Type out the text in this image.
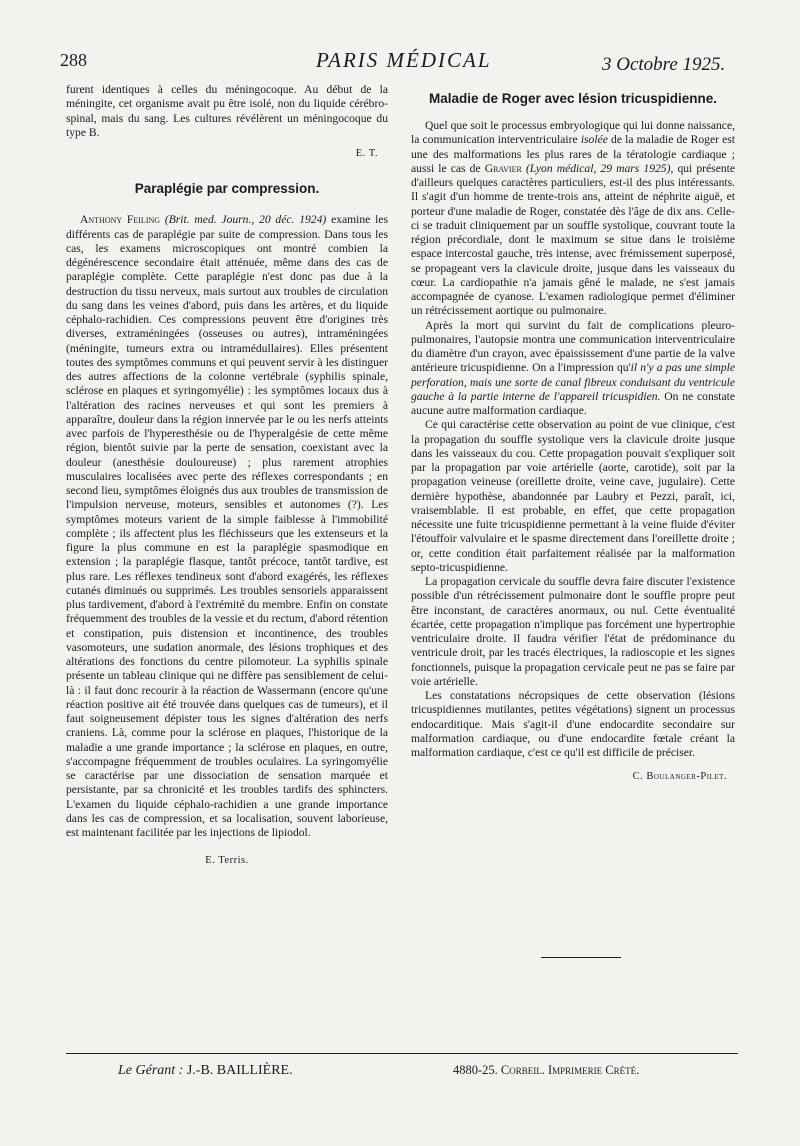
288	PARIS MÉDICAL	3 Octobre 1925.

furent identiques à celles du méningocoque. Au début de la méningite, cet organisme avait pu être isolé, non du liquide cérébro-spinal, mais du sang. Les cultures révélèrent un méningocoque du type B.

E. T.
Paraplégie par compression.

Anthony Feiling (Brit. med. Journ., 20 déc. 1924) examine les différents cas de paraplégie par suite de compression. Dans tous les cas, les examens microscopiques ont montré combien la dégénérescence secondaire était atténuée, même dans des cas de paraplégie complète. Cette paraplégie n'est donc pas due à la destruction du tissu nerveux, mais surtout aux troubles de circulation du sang dans les veines d'abord, puis dans les artères, et du liquide céphalo-rachidien. Ces compressions peuvent être d'origines très diverses, extraméningées (osseuses ou autres), intraméningées (méningite, tumeurs extra ou intramédullaires). Elles présentent toutes des symptômes communs et qui peuvent servir à les distinguer des autres affections de la colonne vertébrale (syphilis spinale, sclérose en plaques et syringomyélie) : les symptômes locaux dus à l'altération des racines nerveuses et qui sont les premiers à apparaître, douleur dans la région innervée par le ou les nerfs atteints avec parfois de l'hyperesthésie ou de l'hyperalgésie de cette même région, bientôt suivie par la perte de sensation, coexistant avec la douleur (anesthésie douloureuse) ; plus rarement atrophies musculaires localisées avec perte des réflexes correspondants ; en second lieu, symptômes éloignés dus aux troubles de transmission de l'impulsion nerveuse, moteurs, sensibles et autonomes (?). Les symptômes moteurs varient de la simple faiblesse à l'immobilité complète ; ils affectent plus les fléchisseurs que les extenseurs et la figure la plus commune en est la paraplégie spasmodique en extension ; la paraplégie flasque, tantôt précoce, tantôt tardive, est plus rare. Les réflexes tendineux sont d'abord exagérés, les réflexes cutanés diminués ou supprimés. Les troubles sensoriels apparaissent plus tardivement, d'abord à l'extrémité du membre. Enfin on constate fréquemment des troubles de la vessie et du rectum, d'abord rétention et constipation, puis distension et incontinence, des troubles vasomoteurs, une sudation anormale, des lésions trophiques et des altérations des fonctions du centre pilomoteur. La syphilis spinale présente un tableau clinique qui ne diffère pas sensiblement de celui-là : il faut donc recourir à la réaction de Wassermann (encore qu'une réaction positive ait été trouvée dans quelques cas de tumeurs), et il faut soigneusement dépister tous les signes d'altération des nerfs craniens. Là, comme pour la sclérose en plaques, l'historique de la maladie a une grande importance ; la sclérose en plaques, en outre, s'accompagne fréquemment de troubles oculaires. La syringomyélie se caractérise par une dissociation de sensation marquée et persistante, par sa chronicité et les troubles tardifs des sphincters. L'examen du liquide céphalo-rachidien a une grande importance dans les cas de compression, et sa localisation, souvent laborieuse, est maintenant facilitée par les injections de lipiodol.

E. Terris.
Maladie de Roger avec lésion tricuspidienne.

Quel que soit le processus embryologique qui lui donne naissance, la communication interventriculaire isolée de la maladie de Roger est une des malformations les plus rares de la tératologie cardiaque ; aussi le cas de Gravier (Lyon médical, 29 mars 1925), qui présente d'ailleurs quelques caractères particuliers, est-il des plus intéressants. Il s'agit d'un homme de trente-trois ans, atteint de néphrite aiguë, et porteur d'une maladie de Roger, constatée dès l'âge de dix ans. Celle-ci se traduit cliniquement par un souffle systolique, couvrant toute la région précordiale, dont le maximum se situe dans le troisième espace intercostal gauche, très intense, avec frémissement superposé, se propageant vers la clavicule droite, jusque dans les vaisseaux du cœur. La cardiopathie n'a jamais gêné le malade, ne s'est jamais accompagnée de cyanose. L'examen radiologique permet d'éliminer un rétrécissement aortique ou pulmonaire.

Après la mort qui survint du fait de complications pleuro-pulmonaires, l'autopsie montra une communication interventriculaire du diamètre d'un crayon, avec épaississement d'une partie de la valve antérieure tricuspidienne. On a l'impression qu'il n'y a pas une simple perforation, mais une sorte de canal fibreux conduisant du ventricule gauche à la partie interne de l'appareil tricuspidien. On ne constate aucune autre malformation cardiaque.

Ce qui caractérise cette observation au point de vue clinique, c'est la propagation du souffle systolique vers la clavicule droite jusque dans les vaisseaux du cou. Cette propagation pouvait s'expliquer soit par la propagation par voie artérielle (aorte, carotide), soit par la propagation veineuse (oreillette droite, veine cave, jugulaire). Cette dernière hypothèse, abandonnée par Laubry et Pezzi, paraît, ici, vraisemblable. Il est probable, en effet, que cette propagation nécessite une fuite tricuspidienne permettant à la veine fluide d'éviter l'étouffoir valvulaire et le spasme directement dans l'oreillette droite ; or, cette condition était parfaitement réalisée par la malformation septo-tricuspidienne.

La propagation cervicale du souffle devra faire discuter l'existence possible d'un rétrécissement pulmonaire dont le souffle propre peut être inconstant, de caractères anormaux, ou nul. Cette éventualité écartée, cette propagation n'implique pas forcément une hypertrophie ventriculaire droite. Il faudra vérifier l'état de prédominance du ventricule droit, par les tracés électriques, la radioscopie et les signes fonctionnels, puisque la propagation cervicale peut ne pas se faire par voie artérielle.

Les constatations nécropsiques de cette observation (lésions tricuspidiennes mutilantes, petites végétations) signent un processus endocarditique. Mais s'agit-il d'une endocardite secondaire sur malformation cardiaque, ou d'une endocardite fœtale créant la malformation cardiaque, c'est ce qu'il est difficile de préciser.

C. Boulanger-Pilet.
Le Gérant : J.-B. BAILLIÈRE.	4880-25. Corbeil. Imprimerie Crété.
